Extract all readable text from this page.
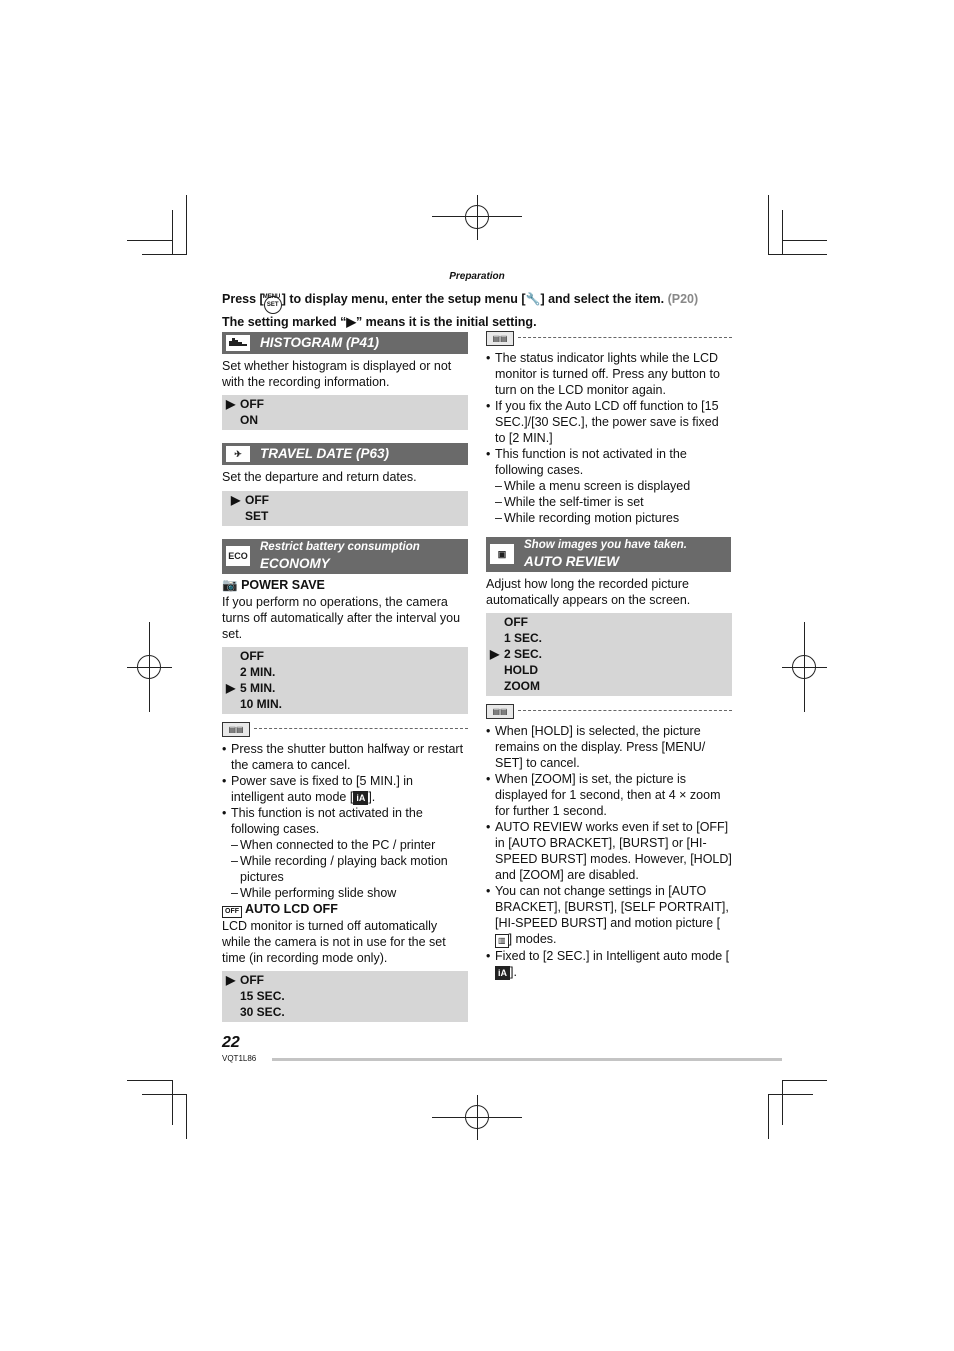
Preparation
Press [ MENU
SET ] to display menu, enter the setup menu [🔧] and select the item. (P20)
The setting marked “▶” means it is the initial setting.
HISTOGRAM (P41)
Set whether histogram is displayed or not with the recording information.
▶ OFF
ON
✈	TRAVEL DATE (P63)
Set the departure and return dates.
▶ OFF
SET
ECO
Restrict battery consumption
ECONOMY
📷 POWER SAVE
If you perform no operations, the camera turns off automatically after the interval you set.
OFF
2 MIN.
▶ 5 MIN.
10 MIN.
▤▤
• Press the shutter button halfway or restart the camera to cancel.
• Power save is fixed to [5 MIN.] in intelligent auto mode [ iA ].
• This function is not activated in the following cases.
– When connected to the PC / printer
– While recording / playing back motion pictures
– While performing slide show
OFF AUTO LCD OFF
LCD monitor is turned off automatically while the camera is not in use for the set time (in recording mode only).
▶ OFF
15 SEC.
30 SEC.
▤▤
• The status indicator lights while the LCD monitor is turned off. Press any button to turn on the LCD monitor again.
• If you fix the Auto LCD off function to [15 SEC.]/[30 SEC.], the power save is fixed to [2 MIN.]
• This function is not activated in the following cases.
– While a menu screen is displayed
– While the self-timer is set
– While recording motion pictures
▣
Show images you have taken.
AUTO REVIEW
Adjust how long the recorded picture automatically appears on the screen.
OFF
1 SEC.
▶ 2 SEC.
HOLD
ZOOM
▤▤
• When [HOLD] is selected, the picture remains on the display. Press [MENU/ SET] to cancel.
• When [ZOOM] is set, the picture is displayed for 1 second, then at 4 × zoom for further 1 second.
• AUTO REVIEW works even if set to [OFF] in [AUTO BRACKET], [BURST] or [HI-SPEED BURST] modes. However, [HOLD] and [ZOOM] are disabled.
• You can not change settings in [AUTO BRACKET], [BURST], [SELF PORTRAIT], [HI-SPEED BURST] and motion picture [▥ ] modes.
• Fixed to [2 SEC.] in Intelligent auto mode [iA ].
22
VQT1L86
